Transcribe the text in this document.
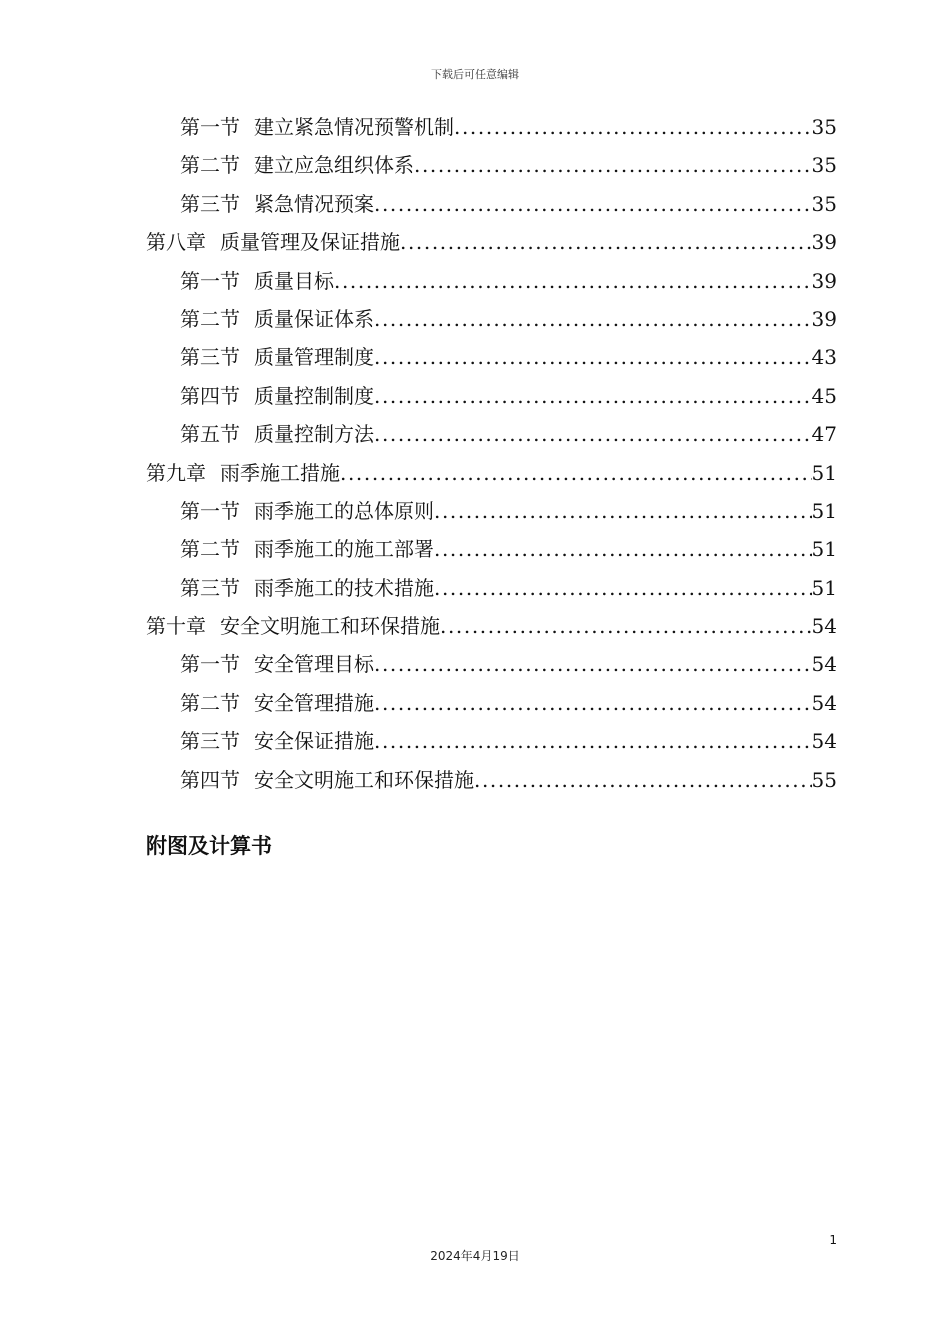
下载后可任意编辑
第一节 建立紧急情况预警机制 .....	35
第二节 建立应急组织体系 .....	35
第三节 紧急情况预案 .....	35
第八章 质量管理及保证措施 .....	39
第一节 质量目标 .....	39
第二节 质量保证体系 .....	39
第三节 质量管理制度 .....	43
第四节 质量控制制度 .....	45
第五节 质量控制方法 .....	47
第九章 雨季施工措施 .....	51
第一节 雨季施工的总体原则 .....	51
第二节 雨季施工的施工部署 .....	51
第三节 雨季施工的技术措施 .....	51
第十章 安全文明施工和环保措施 .....	54
第一节 安全管理目标 .....	54
第二节 安全管理措施 .....	54
第三节 安全保证措施 .....	54
第四节 安全文明施工和环保措施 .....	55
附图及计算书
1
2024年4月19日
